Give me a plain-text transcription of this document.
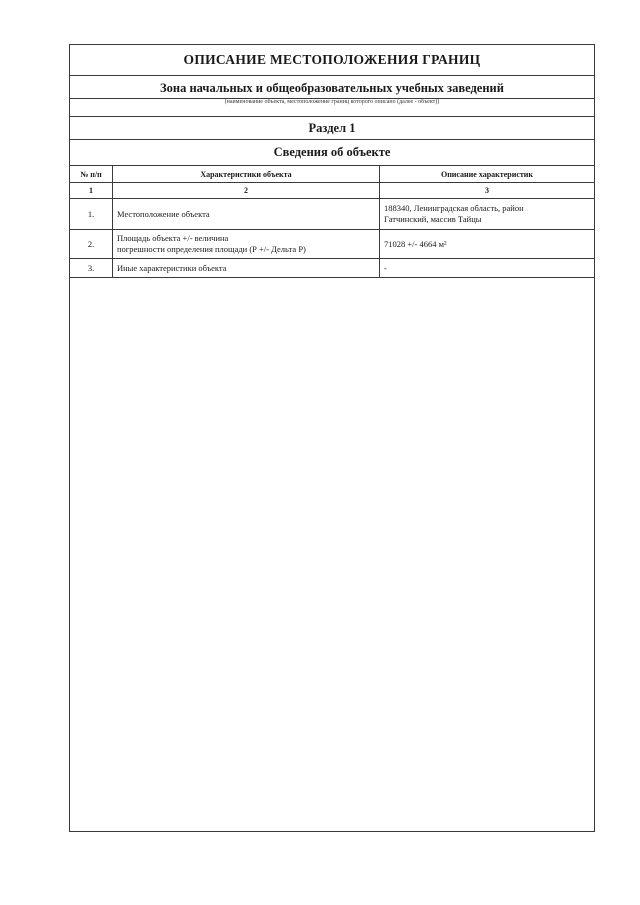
ОПИСАНИЕ МЕСТОПОЛОЖЕНИЯ ГРАНИЦ
Зона начальных и общеобразовательных учебных заведений
(наименование объекта, местоположение границ которого описано (далее - объект))
Раздел 1
Сведения об объекте
№ п/п	Характеристики объекта	Описание характеристик
1	2	3
1.	Местоположение объекта	188340, Ленинградская область, район
Гатчинский, массив Тайцы

2.	Площадь объекта +/- величина
погрешности определения площади (Р +/- Дельта Р)	71028 +/- 4664 м²
3.	Иные характеристики объекта	-
